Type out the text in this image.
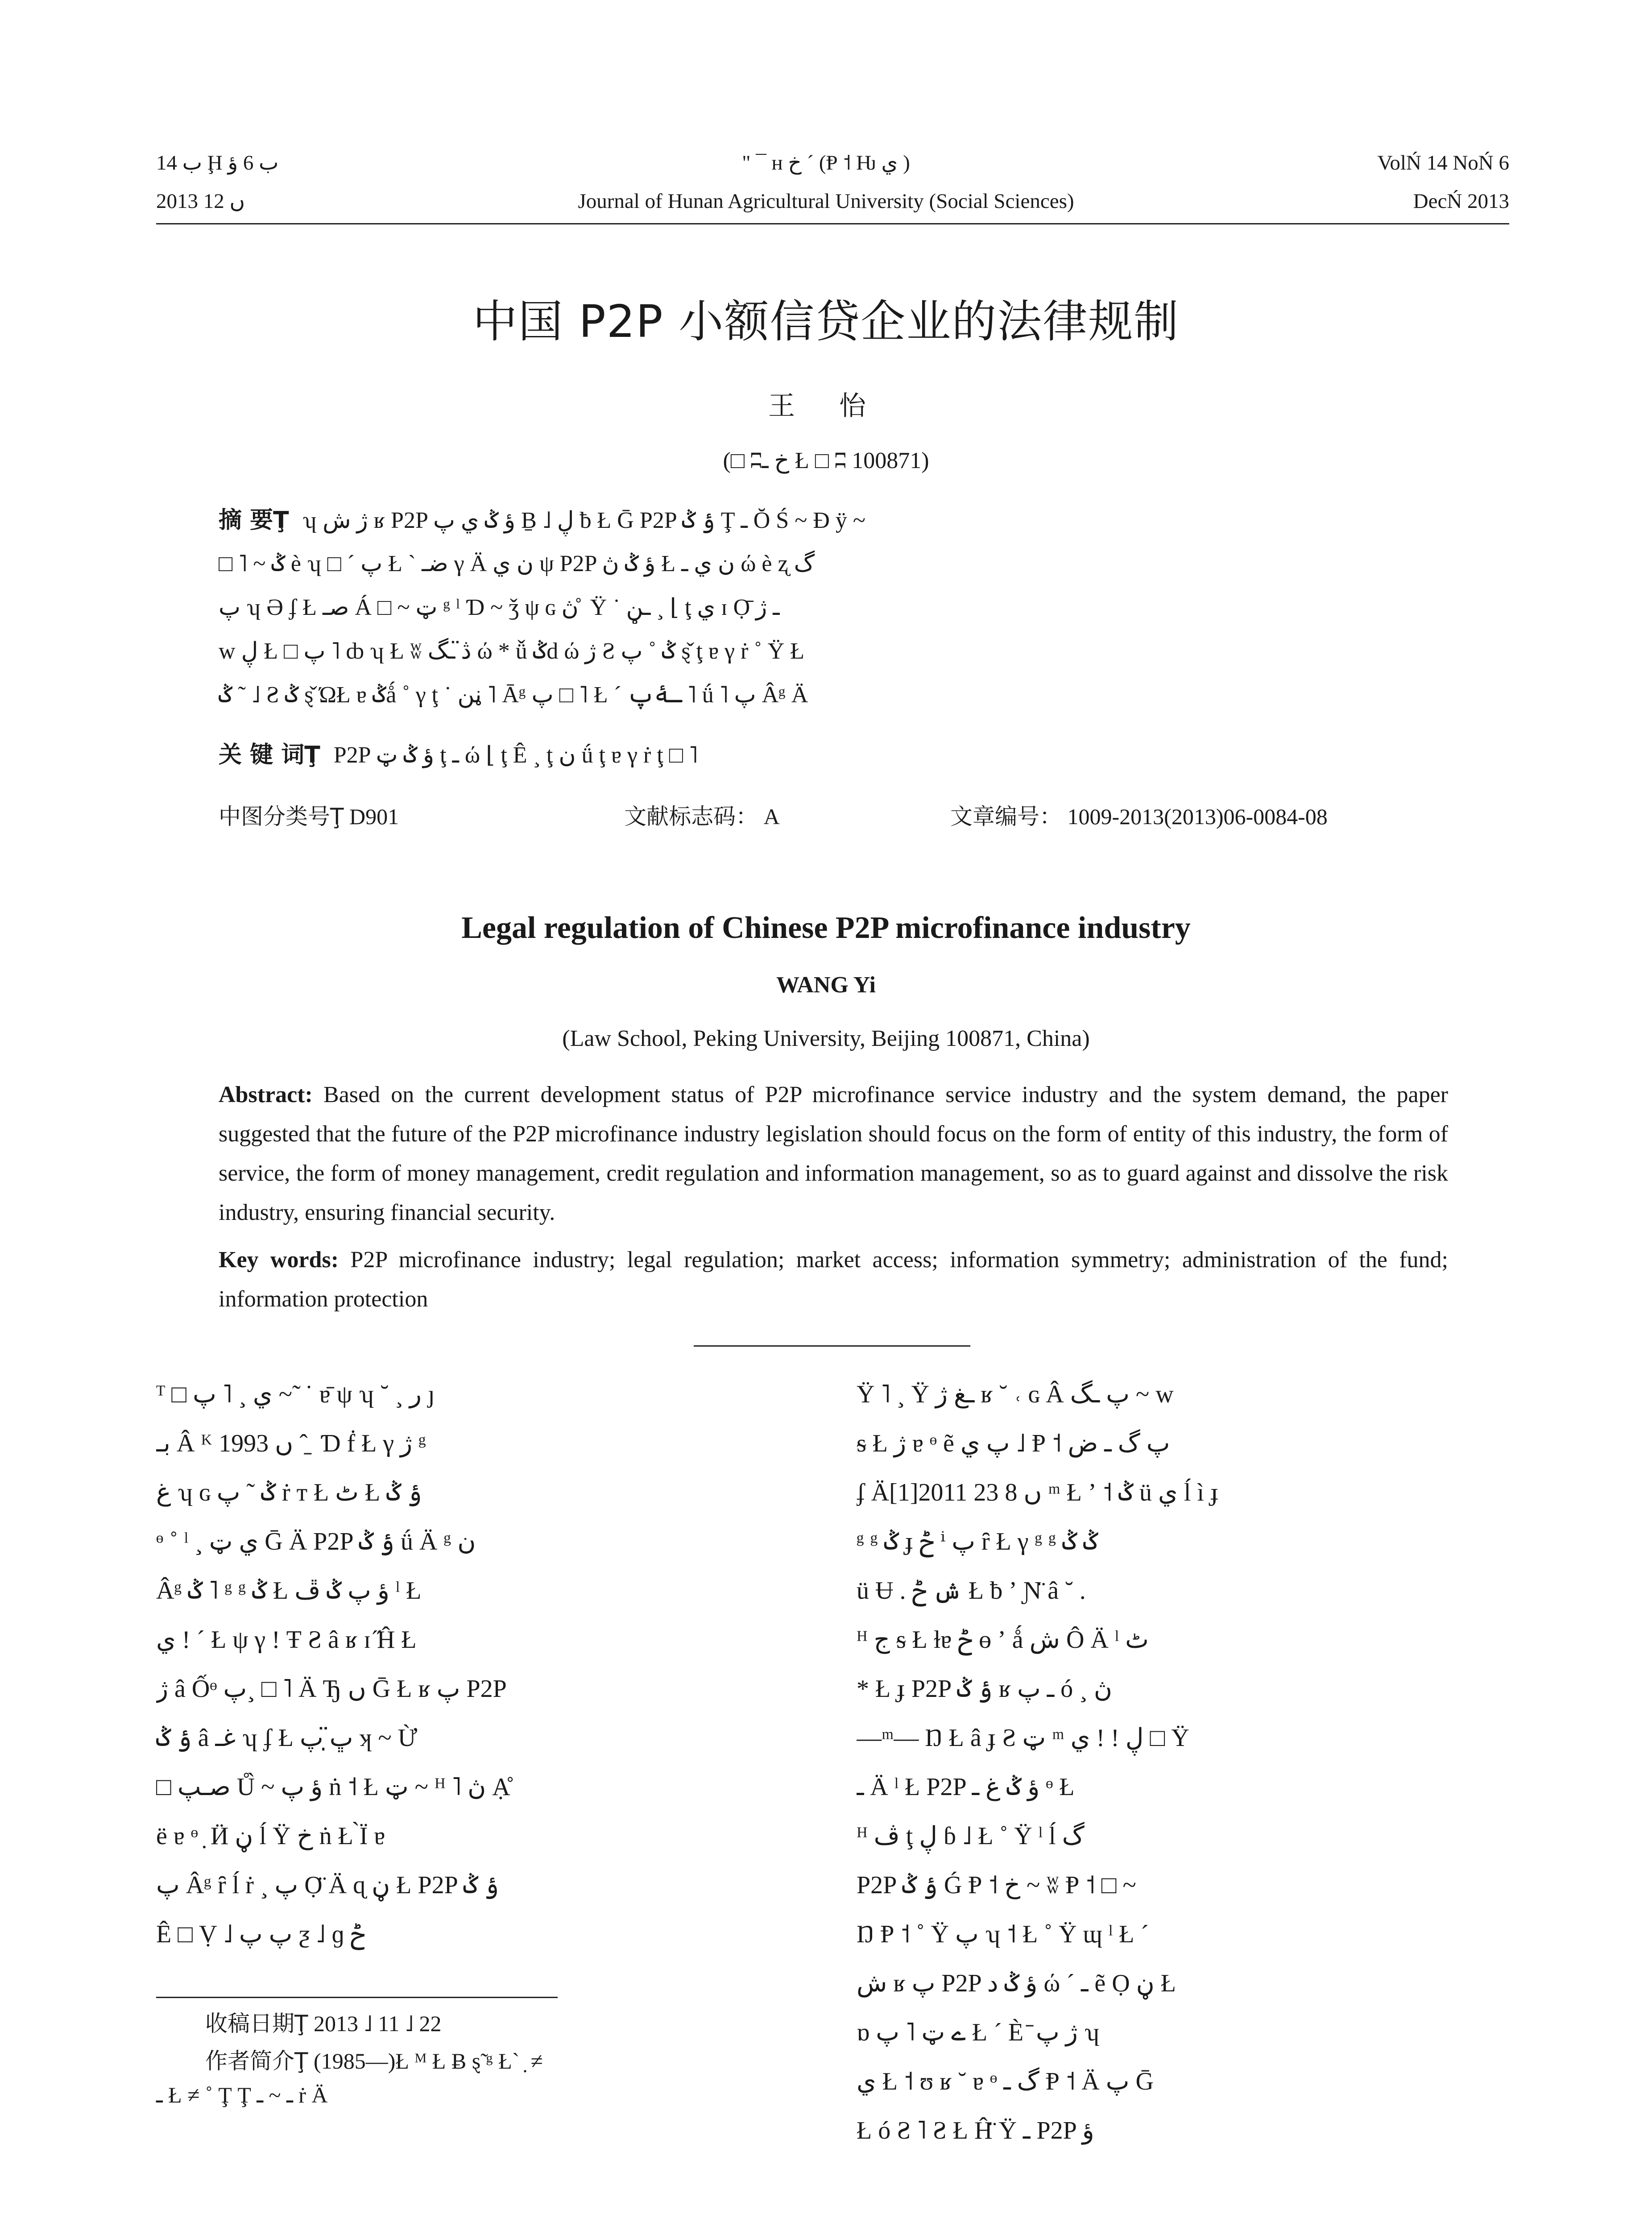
ب 14 Ḩ ب 6 ؤ
2013 ں 12
" ¯ ʜ خ ˊ (Ᵽ ˦ Ƕ ي )
Journal of Hunan Agricultural University (Social Sciences)
VolŃ 14 NoŃ 6
DecŃ 2013
中国 P2P 小额信贷企业的法律规制
王 怡
(□ ʭخ ـ Ł □ ʭ 100871)
摘 要Ţ ʮ ژ ش ʁ P2P ؤ ݣ ي پ Ḇ ˩ ڸ ƀ Ł Ḡ P2P ؤ ݣ Ţ ـ Ŏ Ś ~ Đ ÿ ~
□ ˥ ~ ݣ è ʮ □ ˊ پ Ł ` ضـ γ Ä ن ي ψ P2P ؤ ݣ ڽ Ł ن ي ـ ώ è ʐ گ
پ ʮ Ə ʄ Ł صـ Á □ ~ ټ ᵍ ˡ Ɗ ~ ǯ ψ ɢ ڽ ̊ Ÿ ˙ ـڼ ¸ ⌊ ţ ي ɪ Ọ̄ ـ ژ
ᴡ ڸ Ł □ پ ˥ ȸ ʮ Ł ʬ ڎ̈ ـگ ώ * ǚ ݣd ώ ژ Ƨ ݣ ˚ پ ȿ̌ ţ ɐ γ ṙ ˚ Ÿ Ł
ݣ ˜ ˩ Ƨ ݣ ȿ̌ ΏŁ ɐ ݣǻ ˚ γ ţ ˙ ڼن ˥ Āᵍ پ □ ˥ Ł ˊ ـۀپ ˥ ǘ ˥ پ Âᵍ Ä
关 键 词Ţ P2P ؤ ݣ ټ ţ ـ ώ ⌊ ţ Ê ¸ ţ ن ǘ ţ ɐ γ ṙ ţ □ ˥
中图分类号Ţ D901	文献标志码： A	文章编号： 1009-2013(2013)06-0084-08
Legal regulation of Chinese P2P microfinance industry
WANG Yi
(Law School, Peking University, Beijing 100871, China)
Abstract: Based on the current development status of P2P microfinance service industry and the system demand, the paper suggested that the future of the P2P microfinance industry legislation should focus on the form of entity of this industry, the form of service, the form of money management, credit regulation and information management, so as to guard against and dissolve the risk industry, ensuring financial security.
Key words: P2P microfinance industry; legal regulation; market access; information symmetry; administration of the fund; information protection
ᵀ □ ي ¸ ˥ پ ~ ̃ ˙ ɐ̄ ψ ʮ ˘ ¸ ر ȷ
بـ Â ᴷ 1993 ں ˆ ̱ Ɗ ḟ Ł γ ژ ᵍ
غ ʮ ɢ ݣ ˜ پ ṙ ᴛ Ł ٹ Ł ؤ ݣ
ᶱ ˚ ˡ ¸ ي ټ Ḡ Ä P2P ؤ ݣ ǘ Ä ᵍ ن
Âᵍ ݣ ˥ ᵍ ᵍ ݣ Ł ؤ پ ݣ ڦ ˡ Ł
ي ! ˊ Ł ψ γ ! Ŧ Ƨ â ʁ ɪ ̋Ĥ Ł
ژ â Ốᶱ پ¸ □ ˥ Ä Ђ ں Ḡ Ł ʁ پ P2P
ؤ ݣ â غـ ʮ ʄ Ł ڀ̣̈ پ ʞ ~ Ừ
□ صـپ Ů̀ ~ ؤ پ ṅ ˦ Ł ټ ~ ᴴ ˥ ڽ Ạ̊
ë ɐ ᶱ ̣ Ӥ ڼ ĺ Ÿ خ ṅ Ł ̀Ϊ ɐ
پ Âᵍ ȓ ĺ ṙ ¸ پ Ọ̈ Ä ɋ ڼ Ł P2P ؤ ݣ
Ê □ Ṿ ˩ پ پ ƺ ˩ ɡ ݲ
Ÿ ˥ ¸ Ÿ ـغ ژ ʁ ˘ ˓ ɢ Â پ ـگ ~ ᴡ
ᵴ Ł ژ ɐ ᶱ ẽ پ ي ˩ Ᵽ ˦ پ گ ـ ض
ʄ Ä[1]2011 ں 8 23 ᵐ Ł ʼ ˦ ݣ ü ي ĺ ì ɟ
ᵍ ᵍ ݣ ɟ ݲ ⁱ پ ȓ Ł γ ᵍ ᵍ ݣ ݣ
ü Ʉ . ش ݲ Ł ƀ ʼ Ɲ̈ â ˘ .
ᴴ ج ᵴ Ł ɫɐ ݲ ɵ ʼ ǻ ش Ô Ä ˡ ٹ
* Ł ɟ P2P ؤ ݣ ʁ ـ پ ó ¸ ڽ
—ᵐ— Ŋ Ł â ɟ Ƨ ټ ᵐ ڸ ! ! ي □ Ÿ
ـ Ä ˡ Ł P2P ؤ ݣ غ ـ ᶱ Ł
ᴴ ﭪ ţ ڸ ɓ ˩ Ł ˚ Ÿ ˡ ĺ گ
P2P ؤ ݣ Ǵ Ᵽ ˦ خ ~ ʬ Ᵽ ˦ □ ~
Ŋ Ᵽ ˦ ˚ Ÿ پ ʮ ˦ Ł ˚ Ÿ ɰ ˡ Ł ˊ
ش ʁ پ P2P ؤ ݣ د ώ ˊ ـ ẽ Ọ ڼ Ł
ɒ ے ټ ˥ پ Ł ˊ È ̄ ژ پ ʮ
ي Ł ˦ ʊ ʁ ˘ ɐ ᶱ گ ـ Ᵽ ˦ Ä پ Ḡ
Ł ó Ƨ ˥ Ƨ Ł Ĥ̈ Ÿ ـ P2P ؤ
收稿日期Ţ 2013 ˩ 11 ˩ 22
作者简介Ţ (1985—)Ł ᴹ Ł Ƀ ȿ̃ ᵍ Ł` ̣ ≠
ـ Ł ≠ ˚ Ţ Ţ ـ ~ ـ ṙ Ä
